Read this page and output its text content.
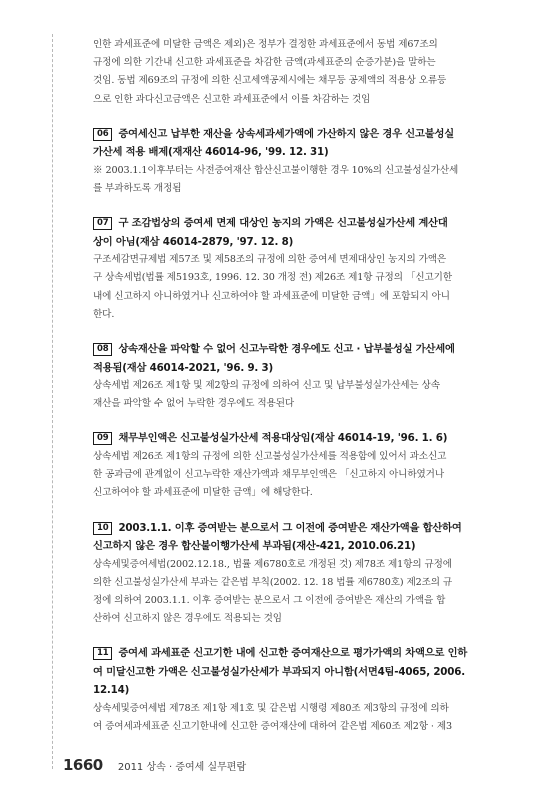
인한 과세표준에 미달한 금액은 제외)은 정부가 결정한 과세표준에서 동법 제67조의

규정에 의한 기간내 신고한 과세표준을 차감한 금액(과세표준의 순증가분)을 말하는

것임. 동법 제69조의 규정에 의한 신고세액공제시에는 채무등 공제액의 적용상 오류등

으로 인한 과다신고금액은 신고한 과세표준에서 이를 차감하는 것임

06 증여세신고 납부한 재산을 상속세과세가액에 가산하지 않은 경우 신고불성실

가산세 적용 배제(재재산 46014-96, '99. 12. 31)

※ 2003.1.1이후부터는 사전증여재산 합산신고불이행한 경우 10%의 신고불성실가산세

를 부과하도록 개정됨

07 구 조감법상의 증여세 면제 대상인 농지의 가액은 신고불성실가산세 계산대

상이 아님(재삼 46014-2879, '97. 12. 8)

구조세감면규제법 제57조 및 제58조의 규정에 의한 증여세 면제대상인 농지의 가액은

구 상속세법(법률 제5193호, 1996. 12. 30 개정 전) 제26조 제1항 규정의 「신고기한

내에 신고하지 아니하였거나 신고하여야 할 과세표준에 미달한 금액」에 포함되지 아니

한다.

08 상속재산을 파악할 수 없어 신고누락한 경우에도 신고 · 납부불성실 가산세에

적용됨(재삼 46014-2021, '96. 9. 3)

상속세법 제26조 제1항 및 제2항의 규정에 의하여 신고 및 납부불성실가산세는 상속

재산을 파악할 수 없어 누락한 경우에도 적용된다

09 채무부인액은 신고불성실가산세 적용대상임(재삼 46014-19, '96. 1. 6)

상속세법 제26조 제1항의 규정에 의한 신고불성실가산세를 적용함에 있어서 과소신고

한 공과금에 관계없이 신고누락한 재산가액과 채무부인액은 「신고하지 아니하였거나

신고하여야 할 과세표준에 미달한 금액」에 해당한다.

10 2003.1.1. 이후 증여받는 분으로서 그 이전에 증여받은 재산가액을 합산하여

신고하지 않은 경우 합산불이행가산세 부과됨(재산-421, 2010.06.21)

상속세및증여세법(2002.12.18., 법률 제6780호로 개정된 것) 제78조 제1항의 규정에

의한 신고불성실가산세 부과는 같은법 부칙(2002. 12. 18 법률 제6780호) 제2조의 규

정에 의하여 2003.1.1. 이후 증여받는 분으로서 그 이전에 증여받은 재산의 가액을 합

산하여 신고하지 않은 경우에도 적용되는 것임

11 증여세 과세표준 신고기한 내에 신고한 증여재산으로 평가가액의 차액으로 인하

여 미달신고한 가액은 신고불성실가산세가 부과되지 아니함(서면4팀-4065, 2006.

12.14)

상속세및증여세법 제78조 제1항 제1호 및 같은법 시행령 제80조 제3항의 규정에 의하

여 증여세과세표준 신고기한내에 신고한 증여재산에 대하여 같은법 제60조 제2항 · 제3

1660 2011 상속 · 증여세 실무편람
